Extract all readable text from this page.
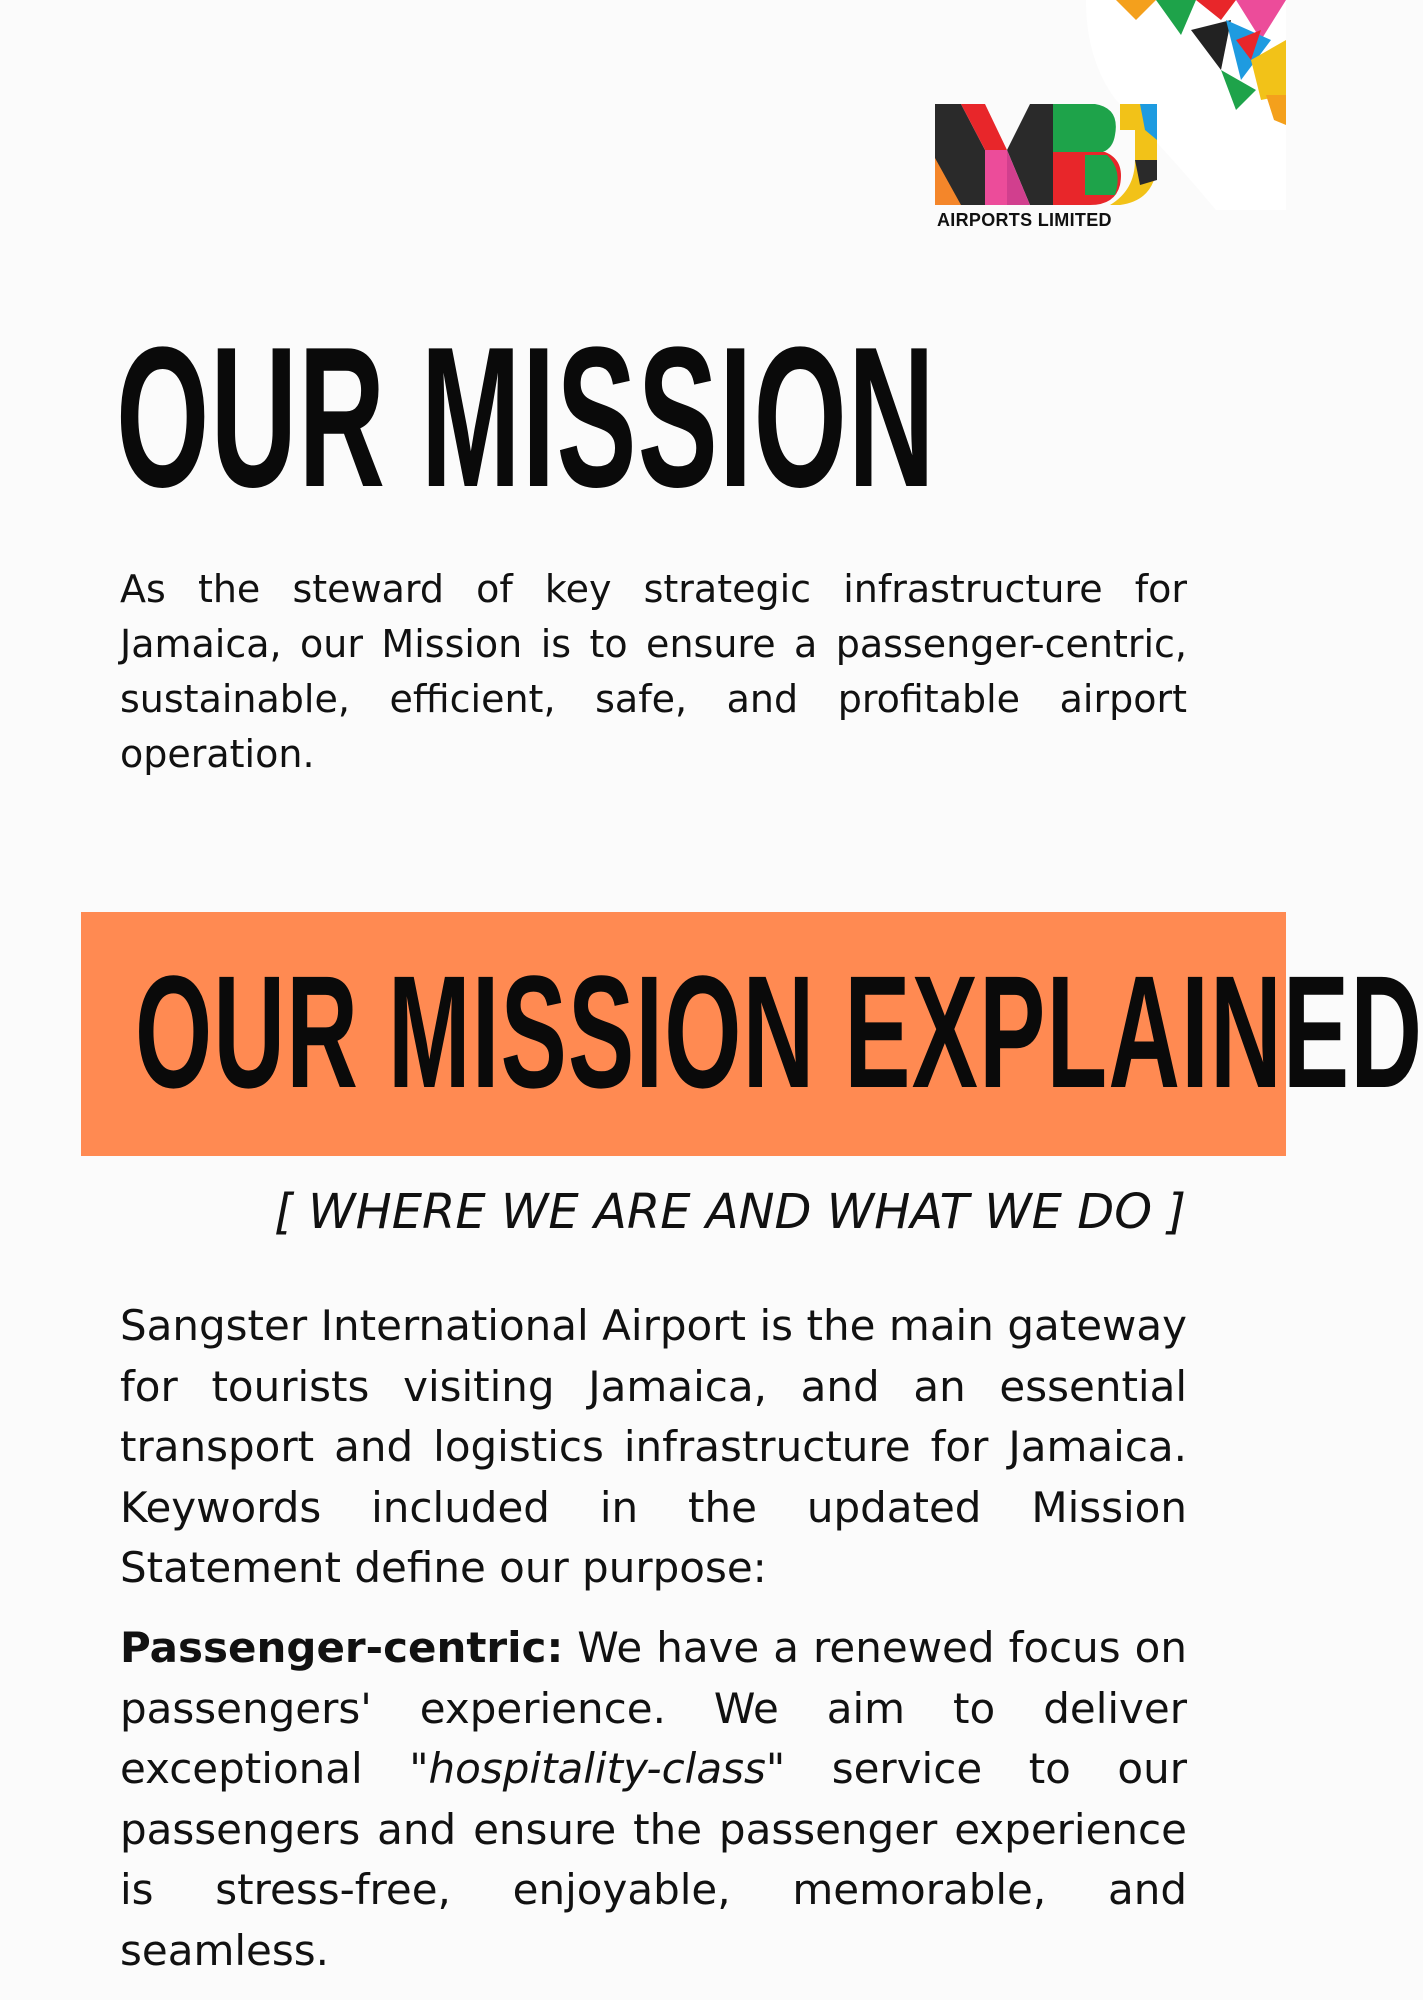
AIRPORTS LIMITED
OUR MISSION

As the steward of key strategic infrastructure for Jamaica, our Mission is to ensure a passenger-centric, sustainable, efficient, safe, and profitable airport operation.

OUR MISSION EXPLAINED

[ WHERE WE ARE AND WHAT WE DO ]

Sangster International Airport is the main gateway for tourists visiting Jamaica, and an essential transport and logistics infrastructure for Jamaica. Keywords included in the updated Mission Statement define our purpose:

Passenger-centric: We have a renewed focus on passengers' experience. We aim to deliver exceptional "hospitality-class" service to our passengers and ensure the passenger experience is stress-free, enjoyable, memorable, and seamless.
